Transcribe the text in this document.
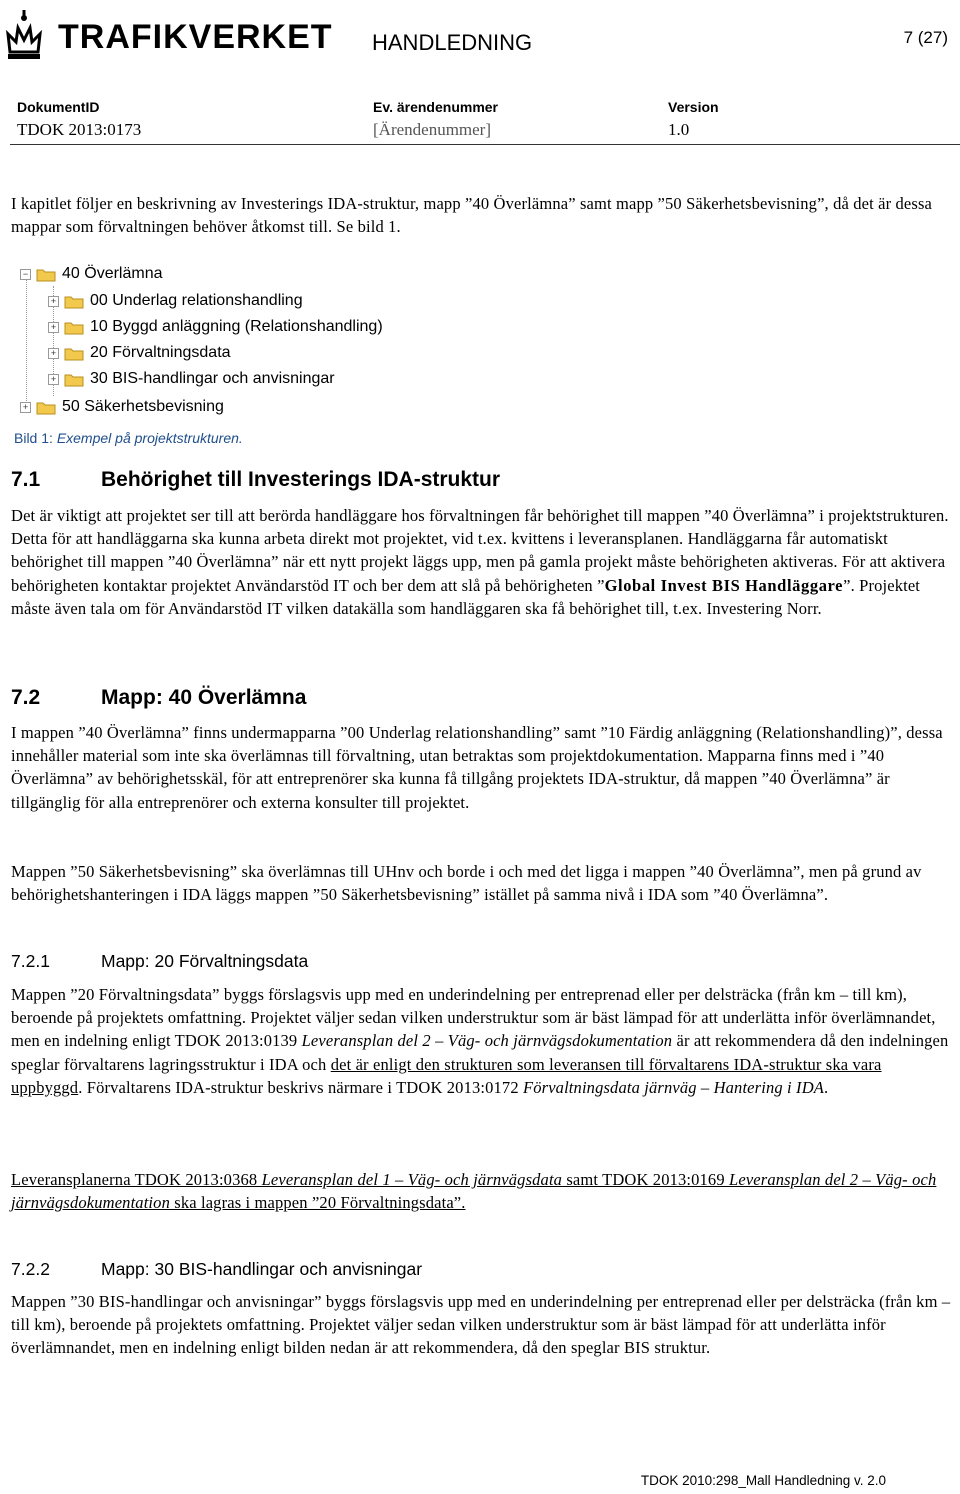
TRAFIKVERKET HANDLEDNING	7 (27)
DokumentID
TDOK 2013:0173
Ev. ärendenummer
[Ärendenummer]
Version
1.0

I kapitlet följer en beskrivning av Investerings IDA-struktur, mapp ”40 Överlämna” samt mapp ”50 Säkerhetsbevisning”, då det är dessa mappar som förvaltningen behöver åtkomst till. Se bild 1.

− 40 Överlämna
+ 00 Underlag relationshandling
+ 10 Byggd anläggning (Relationshandling)
+ 20 Förvaltningsdata
+ 30 BIS-handlingar och anvisningar
+ 50 Säkerhetsbevisning
Bild 1: Exempel på projektstrukturen.
7.1	Behörighet till Investerings IDA-struktur

Det är viktigt att projektet ser till att berörda handläggare hos förvaltningen får behörighet till mappen ”40 Överlämna” i projektstrukturen. Detta för att handläggarna ska kunna arbeta direkt mot projektet, vid t.ex. kvittens i leveransplanen. Handläggarna får automatiskt behörighet till mappen ”40 Överlämna” när ett nytt projekt läggs upp, men på gamla projekt måste behörigheten aktiveras. För att aktivera behörigheten kontaktar projektet Användarstöd IT och ber dem att slå på behörigheten ”Global Invest BIS Handläggare”. Projektet måste även tala om för Användarstöd IT vilken datakälla som handläggaren ska få behörighet till, t.ex. Investering Norr.

7.2	Mapp: 40 Överlämna

I mappen ”40 Överlämna” finns undermapparna ”00 Underlag relationshandling” samt ”10 Färdig anläggning (Relationshandling)”, dessa innehåller material som inte ska överlämnas till förvaltning, utan betraktas som projektdokumentation. Mapparna finns med i ”40 Överlämna” av behörighetsskäl, för att entreprenörer ska kunna få tillgång projektets IDA-struktur, då mappen ”40 Överlämna” är tillgänglig för alla entreprenörer och externa konsulter till projektet.

Mappen ”50 Säkerhetsbevisning” ska överlämnas till UHnv och borde i och med det ligga i mappen ”40 Överlämna”, men på grund av behörighetshanteringen i IDA läggs mappen ”50 Säkerhetsbevisning” istället på samma nivå i IDA som ”40 Överlämna”.

7.2.1	Mapp: 20 Förvaltningsdata

Mappen ”20 Förvaltningsdata” byggs förslagsvis upp med en underindelning per entreprenad eller per delsträcka (från km – till km), beroende på projektets omfattning. Projektet väljer sedan vilken understruktur som är bäst lämpad för att underlätta inför överlämnandet, men en indelning enligt TDOK 2013:0139 Leveransplan del 2 – Väg- och järnvägsdokumentation är att rekommendera då den indelningen speglar förvaltarens lagringsstruktur i IDA och det är enligt den strukturen som leveransen till förvaltarens IDA-struktur ska vara uppbyggd. Förvaltarens IDA-struktur beskrivs närmare i TDOK 2013:0172 Förvaltningsdata järnväg – Hantering i IDA.

Leveransplanerna TDOK 2013:0368 Leveransplan del 1 – Väg- och järnvägsdata samt TDOK 2013:0169 Leveransplan del 2 – Väg- och järnvägsdokumentation ska lagras i mappen ”20 Förvaltningsdata”.

7.2.2	Mapp: 30 BIS-handlingar och anvisningar

Mappen ”30 BIS-handlingar och anvisningar” byggs förslagsvis upp med en underindelning per entreprenad eller per delsträcka (från km – till km), beroende på projektets omfattning. Projektet väljer sedan vilken understruktur som är bäst lämpad för att underlätta inför överlämnandet, men en indelning enligt bilden nedan är att rekommendera, då den speglar BIS struktur.

TDOK 2010:298_Mall Handledning v. 2.0
